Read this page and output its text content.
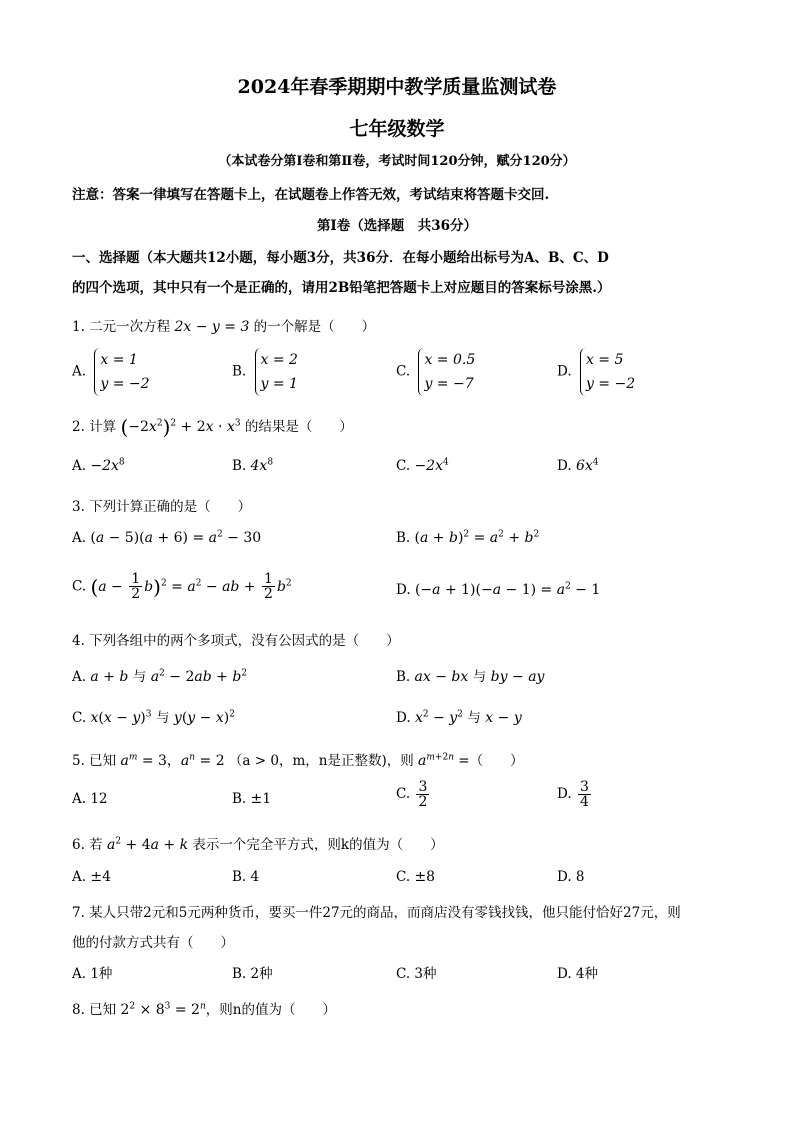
2024年春季期期中教学质量监测试卷
七年级数学
（本试卷分第Ⅰ卷和第Ⅱ卷，考试时间120分钟，赋分120分）
注意：答案一律填写在答题卡上，在试题卷上作答无效，考试结束将答题卡交回.
第Ⅰ卷（选择题　共36分）
一、选择题（本大题共12小题，每小题3分，共36分．在每小题给出标号为A、B、C、D
的四个选项，其中只有一个是正确的，请用2B铅笔把答题卡上对应题目的答案标号涂黑.）
1. 二元一次方程 2x − y = 3 的一个解是（　　）
A.
x = 1
y = −2
B.
x = 2
y = 1
C.
x = 0.5
y = −7
D.
x = 5
y = −2
2. 计算 $(-2x^2)^2 + 2x \cdot x^3$ 的结果是（　　）
A. $-2x^8$	B. $4x^8$	C. $-2x^4$	D. $6x^4$
3. 下列计算正确的是（　　）
A. $(a - 5)(a + 6) = a^2 - 30$	B. $(a + b)^2 = a^2 + b^2$
C. $(a - \frac{1}{2} b)^2 = a^2$ − ab + $\frac{1}{2} b^2$	D. $(-a + 1)(-a - 1) = a^2 - 1$
4. 下列各组中的两个多项式，没有公因式的是（　　）
A. a + b 与 $a^2 - 2ab + b^2$	B. ax − bx 与 by − ay
C. $x(x - y)^3$ 与 $y(y - x)^2$	D. $x^2 - y^2$ 与 x − y
5. 已知 $a^m = 3$，$a^n = 2$ （a > 0，m，n是正整数)，则 $a^{m+2n}$ =（　　）
A. 12	B. ±1	C. $\frac{3}{2}$	D. $\frac{3}{4}$
6. 若 $a^2 + 4a + k$ 表示一个完全平方式，则k的值为（　　）
A. ±4	B. 4	C. ±8	D. 8
7. 某人只带2元和5元两种货币，要买一件27元的商品，而商店没有零钱找钱，他只能付恰好27元，则
他的付款方式共有（　　）
A. 1种	B. 2种	C. 3种	D. 4种
8. 已知 $2^2 \times 8^3 = 2^n$，则n的值为（　　）
